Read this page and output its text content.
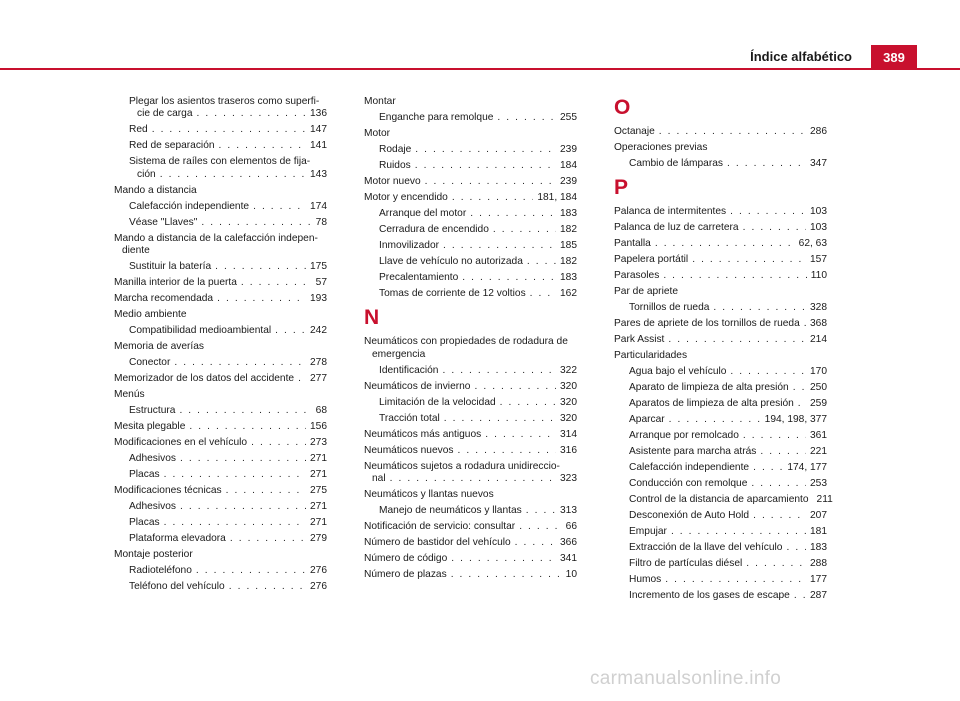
Índice alfabético	389
Plegar los asientos traseros como superfi-
cie de carga . . .	136
Red . . .	147
Red de separación . . .	141
Sistema de raíles con elementos de fija-
ción . . .	143
Mando a distancia
Calefacción independiente . . .	174
Véase "Llaves" . . .	78
Mando a distancia de la calefacción indepen-
diente
Sustituir la batería . . .	175
Manilla interior de la puerta . . .	57
Marcha recomendada . . .	193
Medio ambiente
Compatibilidad medioambiental . . .	242
Memoria de averías
Conector . . .	278
Memorizador de los datos del accidente . . . 277
Menús
Estructura . . .	68
Mesita plegable . . .	156
Modificaciones en el vehículo . . .	273
Adhesivos . . .	271
Placas . . .	271
Modificaciones técnicas . . .	275
Adhesivos . . .	271
Placas . . .	271
Plataforma elevadora . . .	279
Montaje posterior
Radioteléfono . . .	276
Teléfono del vehículo . . .	276
Montar
Enganche para remolque . . .	255
Motor
Rodaje . . .	239
Ruidos . . .	184
Motor nuevo . . .	239
Motor y encendido . . .	181, 184
Arranque del motor . . .	183
Cerradura de encendido . . .	182
Inmovilizador . . .	185
Llave de vehículo no autorizada . . .	182
Precalentamiento . . .	183
Tomas de corriente de 12 voltios . . .	162
N
Neumáticos con propiedades de rodadura de
emergencia
Identificación . . .	322
Neumáticos de invierno . . .	320
Limitación de la velocidad . . .	320
Tracción total . . .	320
Neumáticos más antiguos . . .	314
Neumáticos nuevos . . .	316
Neumáticos sujetos a rodadura unidireccio-
nal . . .	323
Neumáticos y llantas nuevos
Manejo de neumáticos y llantas . . .	313
Notificación de servicio: consultar . . .	66
Número de bastidor del vehículo . . .	366
Número de código . . .	341
Número de plazas . . .	10
O
Octanaje . . .	286
Operaciones previas
Cambio de lámparas . . .	347
P
Palanca de intermitentes . . .	103
Palanca de luz de carretera . . .	103
Pantalla . . .	62, 63
Papelera portátil . . .	157
Parasoles . . .	110
Par de apriete
Tornillos de rueda . . .	328
Pares de apriete de los tornillos de rueda . . . 368
Park Assist . . .	214
Particularidades
Agua bajo el vehículo . . .	170
Aparato de limpieza de alta presión . . . 250
Aparatos de limpieza de alta presión . . . 259
Aparcar . . .	194, 198, 377
Arranque por remolcado . . .	361
Asistente para marcha atrás . . .	221
Calefacción independiente . . .	174, 177
Conducción con remolque . . .	253
Control de la distancia de aparcamiento 211
Desconexión de Auto Hold . . .	207
Empujar . . .	181
Extracción de la llave del vehículo . . .	183
Filtro de partículas diésel . . .	288
Humos . . .	177
Incremento de los gases de escape . . . 287
carmanualsonline.info
